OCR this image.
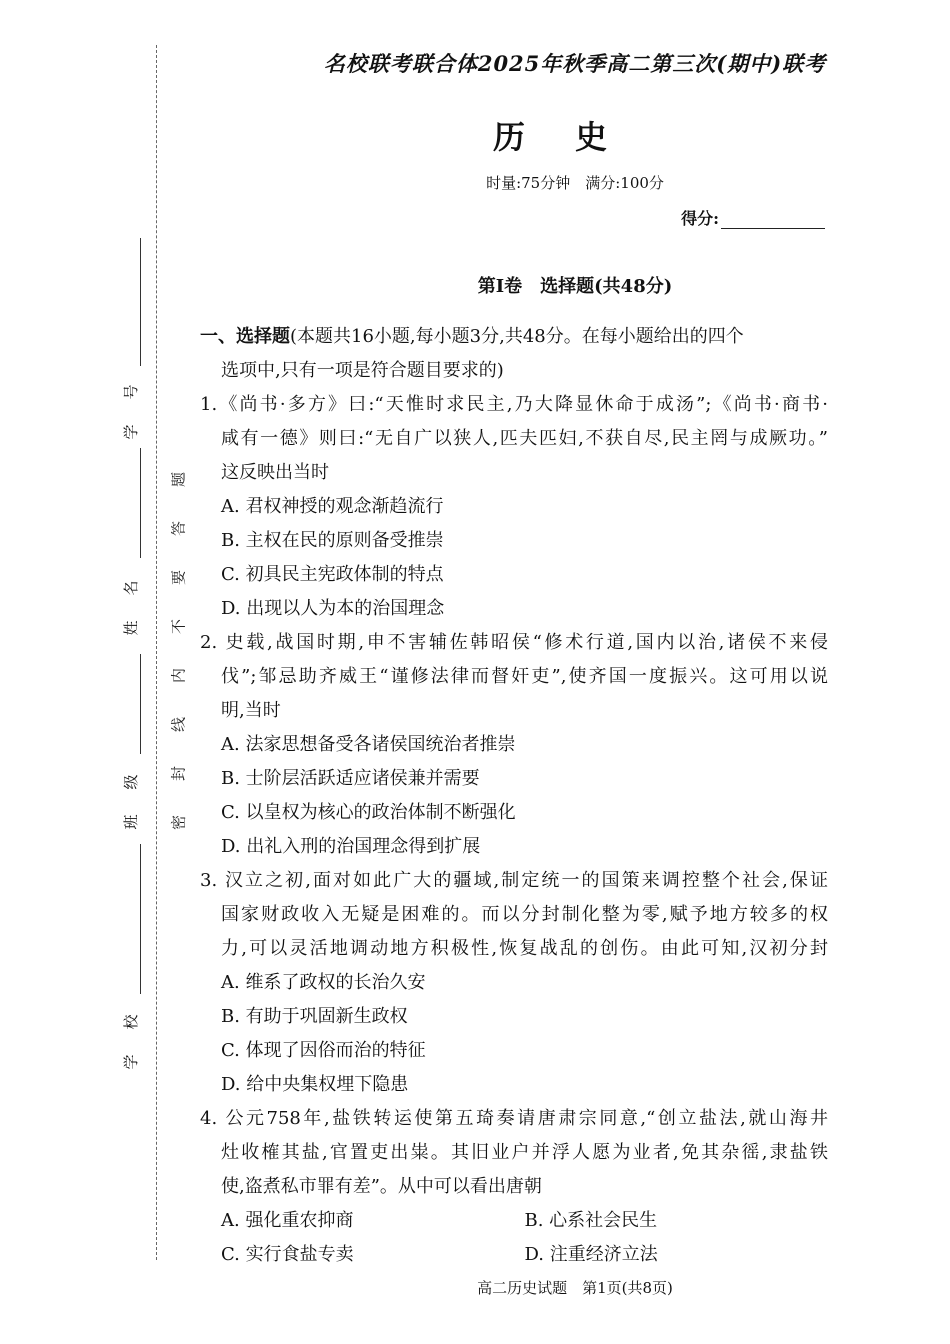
题
答
要
不
内
线
封
密
号
学
名
姓
级
班
校
学
名校联考联合体2025年秋季高二第三次(期中)联考
历史
时量:75分钟　满分:100分
得分:
第Ⅰ卷　选择题(共48分)

一、选择题(本题共16小题,每小题3分,共48分。在每小题给出的四个

选项中,只有一项是符合题目要求的)

1.《尚书·多方》曰:“天惟时求民主,乃大降显休命于成汤”;《尚书·商书·

咸有一德》则曰:“无自广以狭人,匹夫匹妇,不获自尽,民主罔与成厥功。”

这反映出当时

A. 君权神授的观念渐趋流行

B. 主权在民的原则备受推崇

C. 初具民主宪政体制的特点

D. 出现以人为本的治国理念

2. 史载,战国时期,申不害辅佐韩昭侯“修术行道,国内以治,诸侯不来侵

伐”;邹忌助齐威王“谨修法律而督奸吏”,使齐国一度振兴。这可用以说

明,当时

A. 法家思想备受各诸侯国统治者推崇

B. 士阶层活跃适应诸侯兼并需要

C. 以皇权为核心的政治体制不断强化

D. 出礼入刑的治国理念得到扩展

3. 汉立之初,面对如此广大的疆域,制定统一的国策来调控整个社会,保证

国家财政收入无疑是困难的。而以分封制化整为零,赋予地方较多的权

力,可以灵活地调动地方积极性,恢复战乱的创伤。由此可知,汉初分封

A. 维系了政权的长治久安

B. 有助于巩固新生政权

C. 体现了因俗而治的特征

D. 给中央集权埋下隐患

4. 公元758年,盐铁转运使第五琦奏请唐肃宗同意,“创立盐法,就山海井

灶收榷其盐,官置吏出粜。其旧业户并浮人愿为业者,免其杂徭,隶盐铁

使,盗煮私市罪有差”。从中可以看出唐朝

A. 强化重农抑商	B. 心系社会民生
C. 实行食盐专卖	D. 注重经济立法
高二历史试题　第1页(共8页)
